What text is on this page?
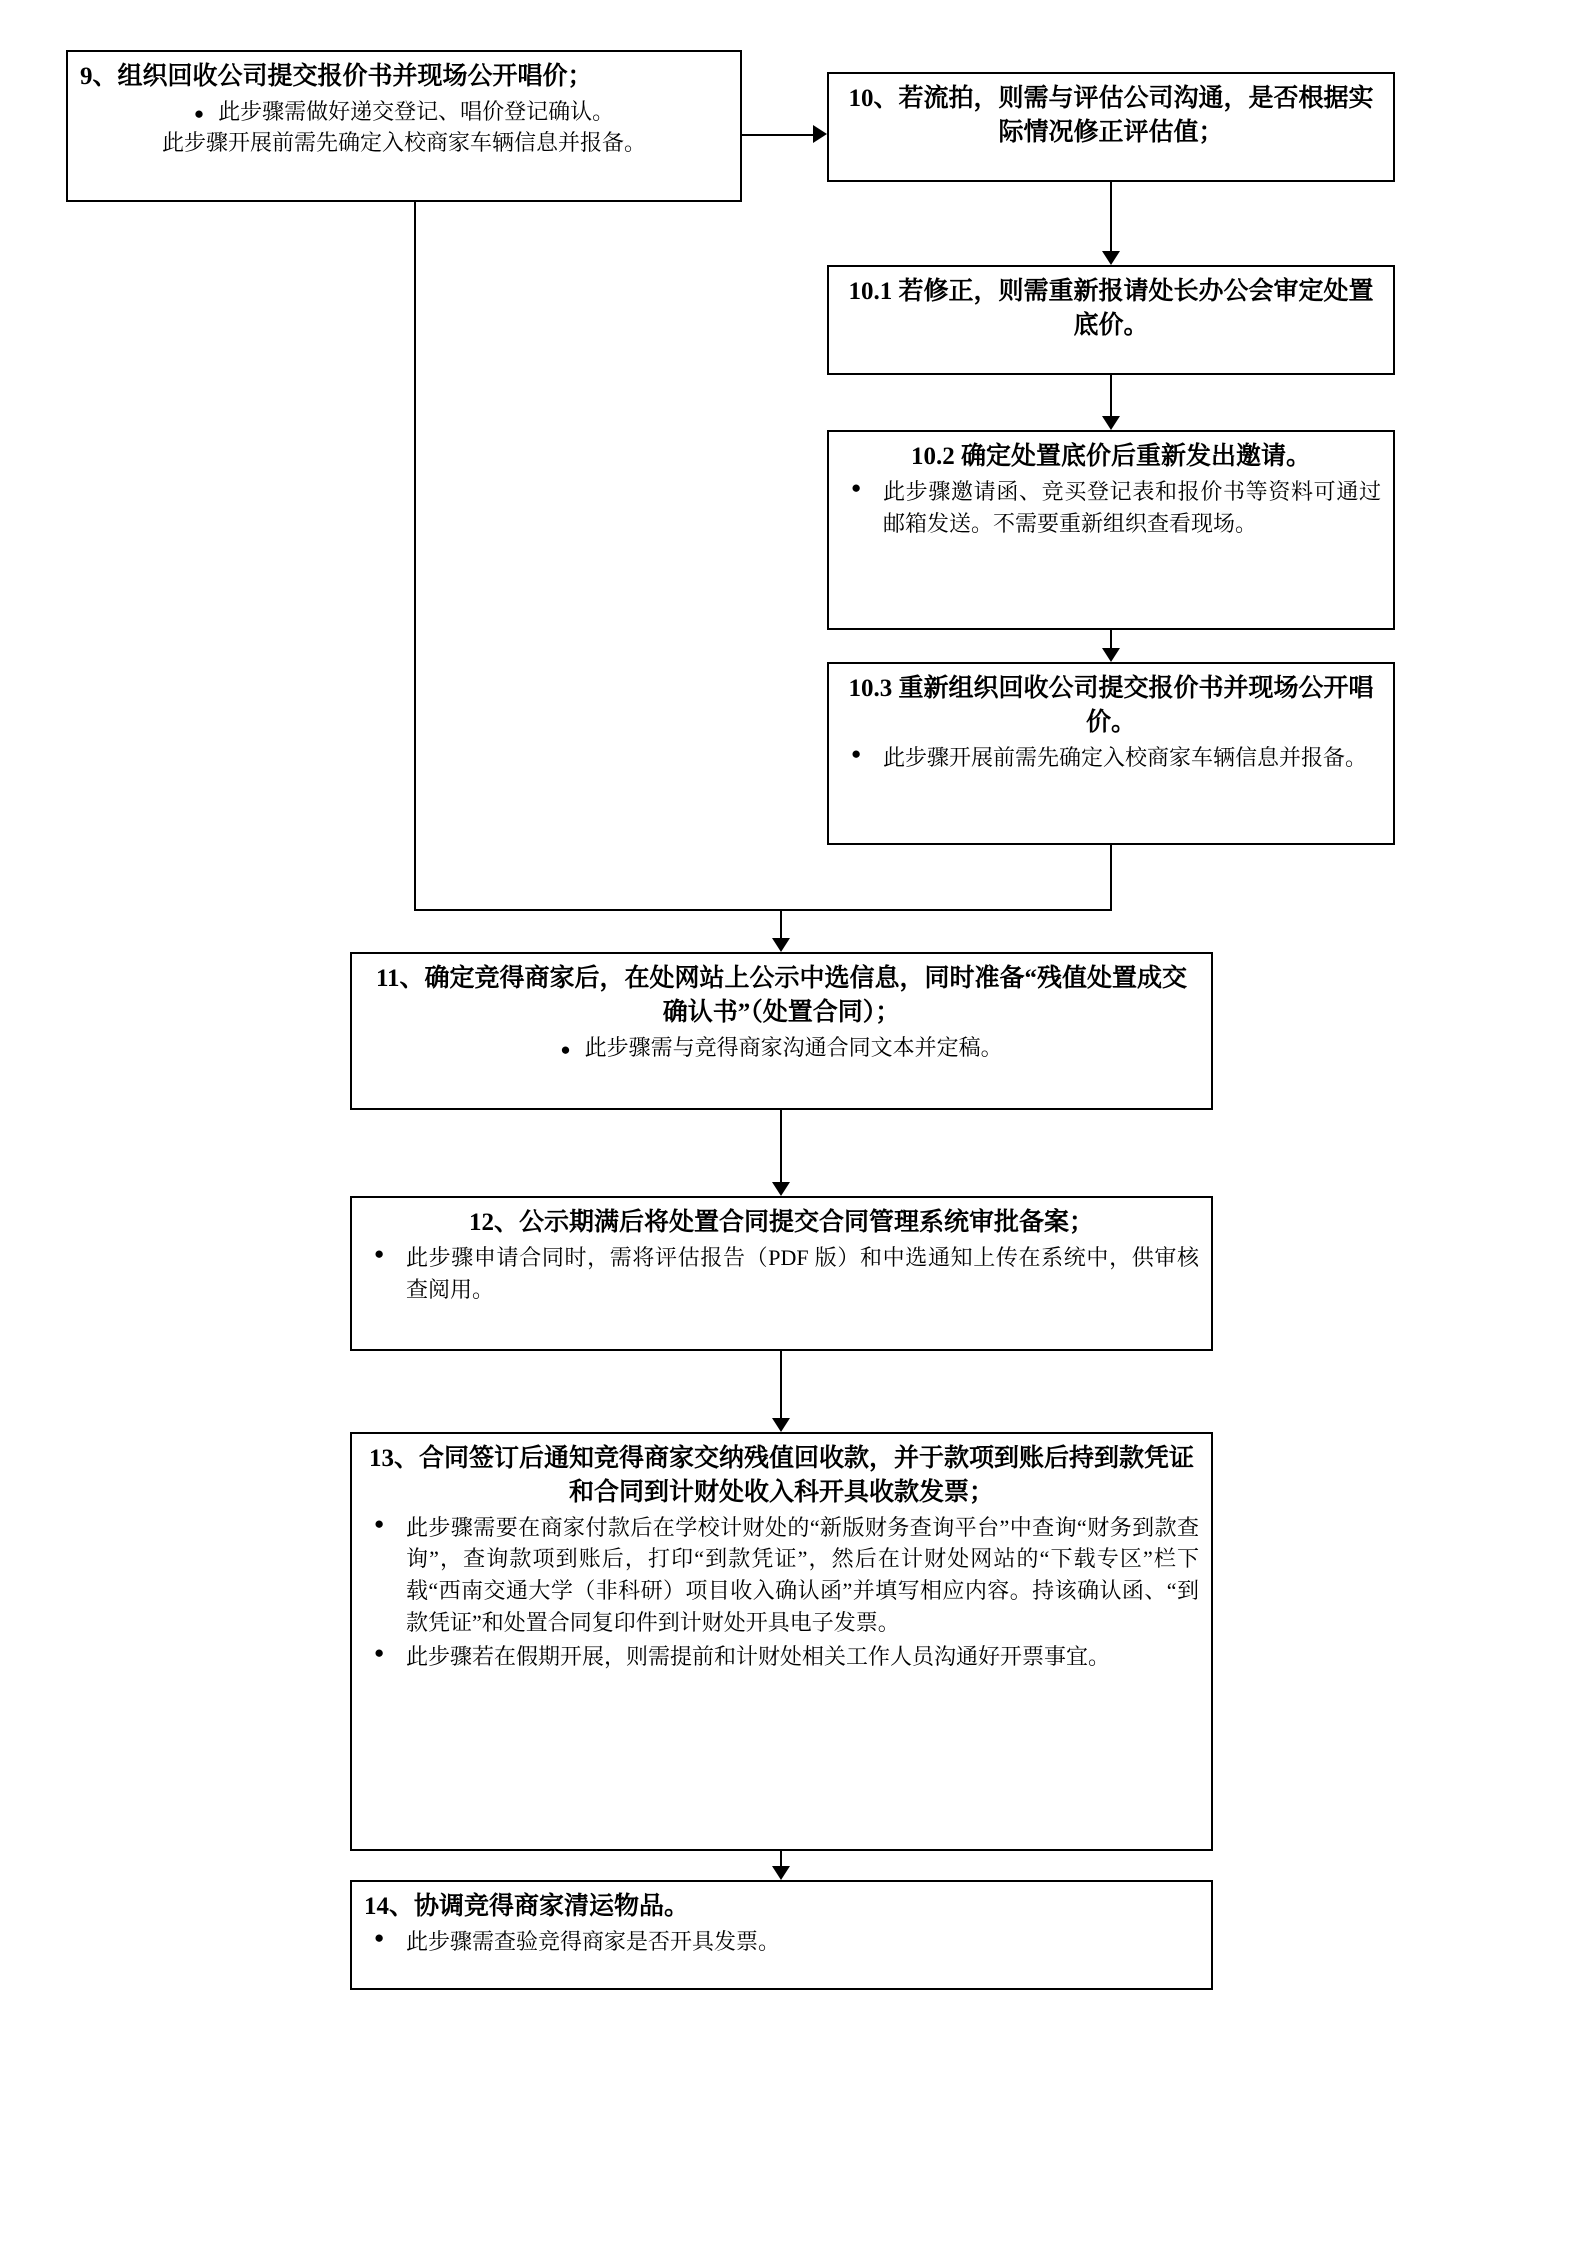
9、组织回收公司提交报价书并现场公开唱价；
● 此步骤需做好递交登记、唱价登记确认。
此步骤开展前需先确定入校商家车辆信息并报备。
10、若流拍，则需与评估公司沟通，是否根据实际情况修正评估值；
10.1 若修正，则需重新报请处长办公会审定处置底价。
10.2 确定处置底价后重新发出邀请。
● 此步骤邀请函、竞买登记表和报价书等资料可通过邮箱发送。不需要重新组织查看现场。
10.3 重新组织回收公司提交报价书并现场公开唱价。
● 此步骤开展前需先确定入校商家车辆信息并报备。
11、确定竞得商家后，在处网站上公示中选信息，同时准备“残值处置成交确认书”（处置合同）；
● 此步骤需与竞得商家沟通合同文本并定稿。
12、公示期满后将处置合同提交合同管理系统审批备案；
● 此步骤申请合同时，需将评估报告（PDF 版）和中选通知上传在系统中，供审核查阅用。
13、合同签订后通知竞得商家交纳残值回收款，并于款项到账后持到款凭证和合同到计财处收入科开具收款发票；
● 此步骤需要在商家付款后在学校计财处的“新版财务查询平台”中查询“财务到款查询”，查询款项到账后，打印“到款凭证”，然后在计财处网站的“下载专区”栏下载“西南交通大学（非科研）项目收入确认函”并填写相应内容。持该确认函、“到款凭证”和处置合同复印件到计财处开具电子发票。
● 此步骤若在假期开展，则需提前和计财处相关工作人员沟通好开票事宜。
14、协调竞得商家清运物品。
● 此步骤需查验竞得商家是否开具发票。
